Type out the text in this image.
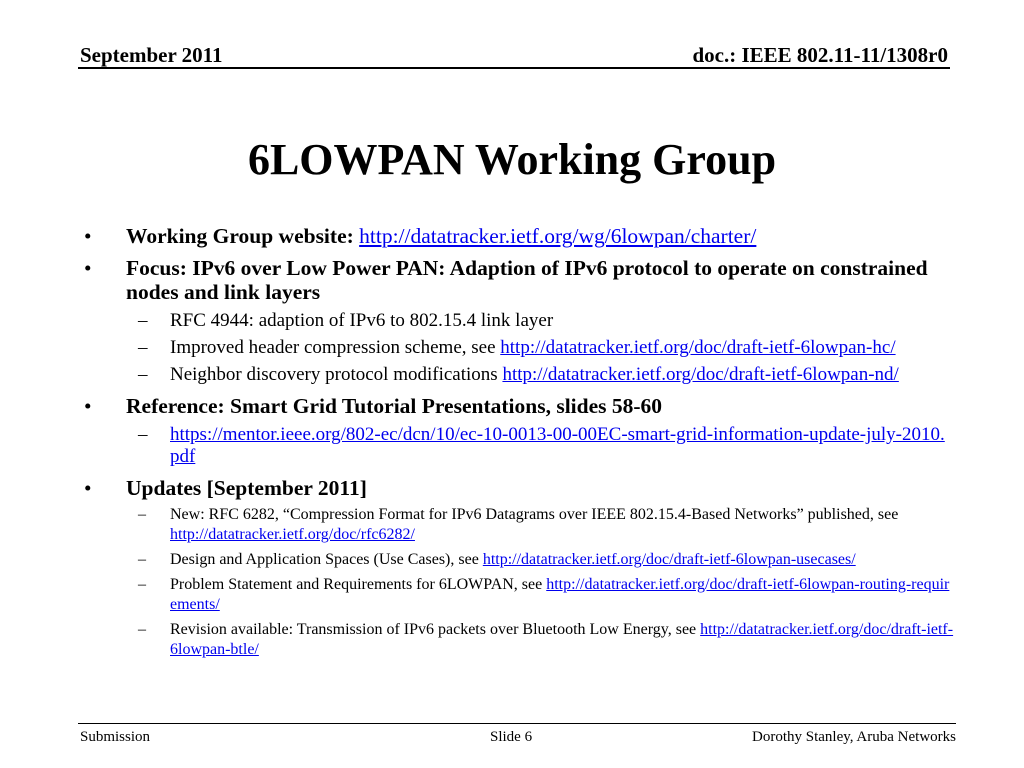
September 2011	doc.: IEEE 802.11-11/1308r0
6LOWPAN Working Group
• Working Group website: http://datatracker.ietf.org/wg/6lowpan/charter/
• Focus: IPv6 over Low Power PAN: Adaption of IPv6 protocol to operate on constrained nodes and link layers
– RFC 4944: adaption of IPv6 to 802.15.4 link layer
– Improved header compression scheme, see http://datatracker.ietf.org/doc/draft-ietf-6lowpan-hc/
– Neighbor discovery protocol modifications http://datatracker.ietf.org/doc/draft-ietf-6lowpan-nd/
• Reference: Smart Grid Tutorial Presentations, slides 58-60
– https://mentor.ieee.org/802-ec/dcn/10/ec-10-0013-00-00EC-smart-grid-information-update-july-2010.pdf
• Updates [September 2011]
– New: RFC 6282, “Compression Format for IPv6 Datagrams over IEEE 802.15.4-Based Networks” published, see http://datatracker.ietf.org/doc/rfc6282/
– Design and Application Spaces (Use Cases), see http://datatracker.ietf.org/doc/draft-ietf-6lowpan-usecases/
– Problem Statement and Requirements for 6LOWPAN, see http://datatracker.ietf.org/doc/draft-ietf-6lowpan-routing-requirements/
– Revision available: Transmission of IPv6 packets over Bluetooth Low Energy, see http://datatracker.ietf.org/doc/draft-ietf-6lowpan-btle/
Submission	Slide 6	Dorothy Stanley, Aruba Networks
